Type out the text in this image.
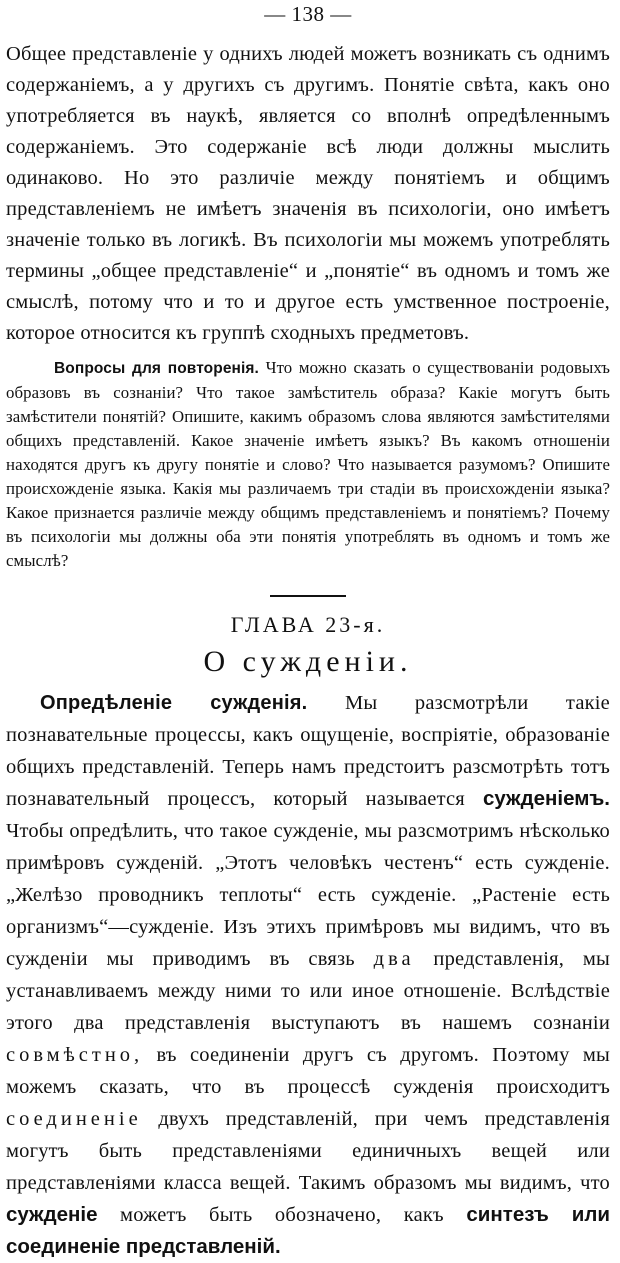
— 138 —

Общее представленіе у однихъ людей можетъ возникать съ однимъ содержаніемъ, а у другихъ съ другимъ. Понятіе свѣта, какъ оно употребляется въ наукѣ, является со вполнѣ опредѣленнымъ содержаніемъ. Это содержаніе всѣ люди должны мыслить одинаково. Но это различіе между понятіемъ и общимъ представленіемъ не имѣетъ значенія въ психологіи, оно имѣетъ значеніе только въ логикѣ. Въ психологіи мы можемъ употреблять термины „общее представленіе“ и „понятіе“ въ одномъ и томъ же смыслѣ, потому что и то и другое есть умственное построеніе, которое относится къ группѣ сходныхъ предметовъ.

Вопросы для повторенія. Что можно сказать о существованіи родовыхъ образовъ въ сознаніи? Что такое замѣститель образа? Какіе могутъ быть замѣстители понятій? Опишите, какимъ образомъ слова являются замѣстителями общихъ представленій. Какое значеніе имѣетъ языкъ? Въ какомъ отношеніи находятся другъ къ другу понятіе и слово? Что называется разумомъ? Опишите происхожденіе языка. Какія мы различаемъ три стадіи въ происхожденіи языка? Какое признается различіе между общимъ представленіемъ и понятіемъ? Почему въ психологіи мы должны оба эти понятія употреблять въ одномъ и томъ же смыслѣ?

ГЛАВА 23-я.
О сужденіи.

Опредѣленіе сужденія. Мы разсмотрѣли такіе познавательные процессы, какъ ощущеніе, воспріятіе, образованіе общихъ представленій. Теперь намъ предстоитъ разсмотрѣть тотъ познавательный процессъ, который называется сужденіемъ. Чтобы опредѣлить, что такое сужденіе, мы разсмотримъ нѣсколько примѣровъ сужденій. „Этотъ человѣкъ честенъ“ есть сужденіе. „Желѣзо проводникъ теплоты“ есть сужденіе. „Растеніе есть организмъ“—сужденіе. Изъ этихъ примѣровъ мы видимъ, что въ сужденіи мы приводимъ въ связь два представленія, мы устанавливаемъ между ними то или иное отношеніе. Вслѣдствіе этого два представленія выступаютъ въ нашемъ сознаніи совмѣстно, въ соединеніи другъ съ другомъ. Поэтому мы можемъ сказать, что въ процессѣ сужденія происходитъ соединеніе двухъ представленій, при чемъ представленія могутъ быть представленіями единичныхъ вещей или представленіями класса вещей. Такимъ образомъ мы видимъ, что сужденіе можетъ быть обозначено, какъ синтезъ или соединеніе представленій.
